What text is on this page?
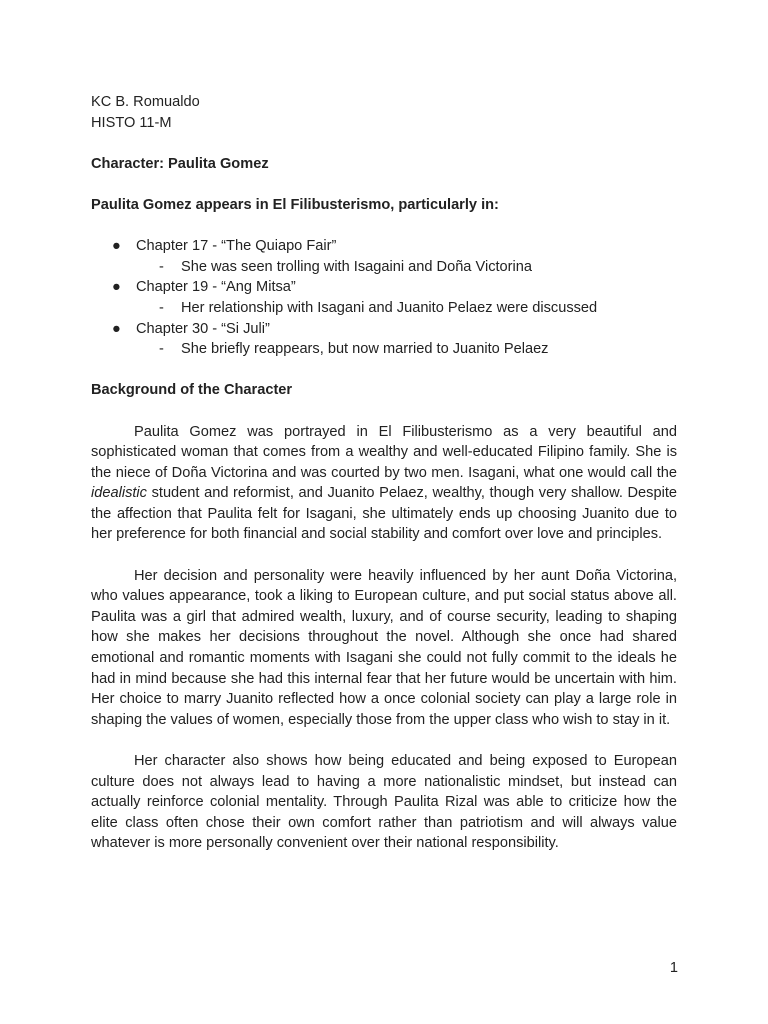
KC B. Romualdo
HISTO 11-M
Character: Paulita Gomez
Paulita Gomez appears in El Filibusterismo, particularly in:
● Chapter 17 - “The Quiapo Fair”
- She was seen trolling with Isagaini and Doña Victorina
● Chapter 19 - “Ang Mitsa”
- Her relationship with Isagani and Juanito Pelaez were discussed
● Chapter 30 - “Si Juli”
- She briefly reappears, but now married to Juanito Pelaez
Background of the Character

Paulita Gomez was portrayed in El Filibusterismo as a very beautiful and sophisticated woman that comes from a wealthy and well-educated Filipino family. She is the niece of Doña Victorina and was courted by two men. Isagani, what one would call the idealistic student and reformist, and Juanito Pelaez, wealthy, though very shallow. Despite the affection that Paulita felt for Isagani, she ultimately ends up choosing Juanito due to her preference for both financial and social stability and comfort over love and principles.

Her decision and personality were heavily influenced by her aunt Doña Victorina, who values appearance, took a liking to European culture, and put social status above all. Paulita was a girl that admired wealth, luxury, and of course security, leading to shaping how she makes her decisions throughout the novel. Although she once had shared emotional and romantic moments with Isagani she could not fully commit to the ideals he had in mind because she had this internal fear that her future would be uncertain with him. Her choice to marry Juanito reflected how a once colonial society can play a large role in shaping the values of women, especially those from the upper class who wish to stay in it.

Her character also shows how being educated and being exposed to European culture does not always lead to having a more nationalistic mindset, but instead can actually reinforce colonial mentality. Through Paulita Rizal was able to criticize how the elite class often chose their own comfort rather than patriotism and will always value whatever is more personally convenient over their national responsibility.

1
